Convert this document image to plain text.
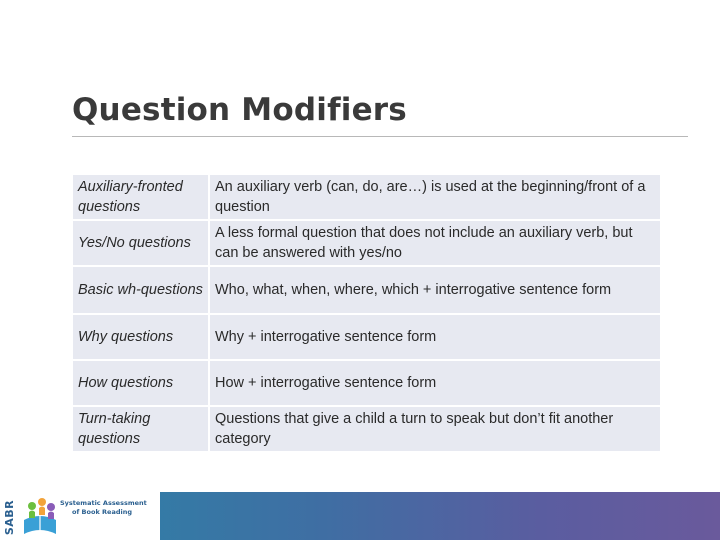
Question Modifiers
Auxiliary-fronted questions	An auxiliary verb (can, do, are…) is used at the beginning/front of a question
Yes/No questions	A less formal question that does not include an auxiliary verb, but can be answered with yes/no
Basic wh-questions	Who, what, when, where, which + interrogative sentence form
Why questions	Why + interrogative sentence form
How questions	How + interrogative sentence form
Turn-taking questions	Questions that give a child a turn to speak but don’t fit another category
SABR	Systematic Assessment
of Book Reading
